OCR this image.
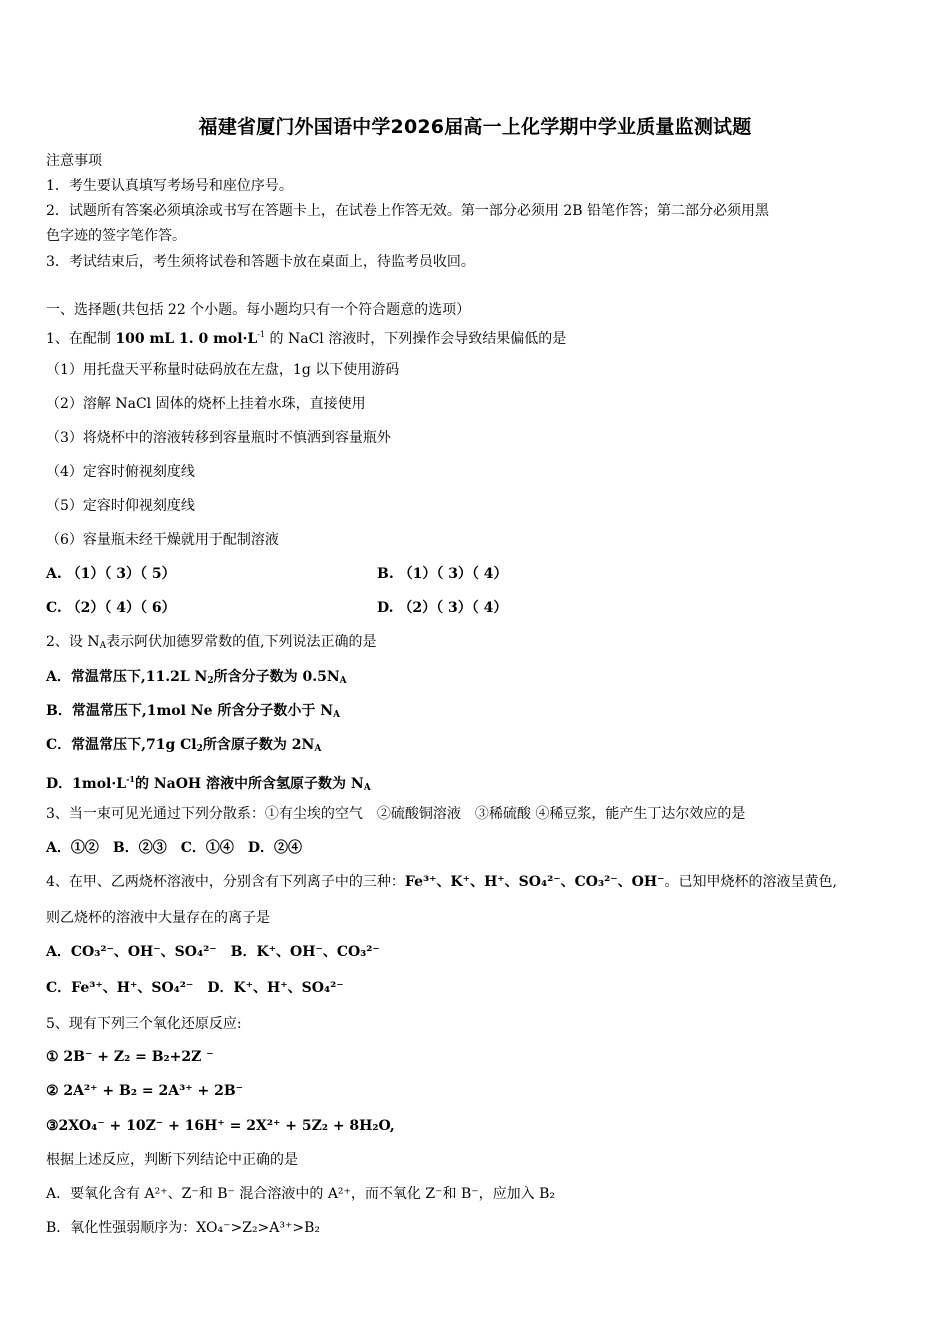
福建省厦门外国语中学2026届高一上化学期中学业质量监测试题
注意事项
1．考生要认真填写考场号和座位序号。
2．试题所有答案必须填涂或书写在答题卡上，在试卷上作答无效。第一部分必须用 2B 铅笔作答；第二部分必须用黑
色字迹的签字笔作答。
3．考试结束后，考生须将试卷和答题卡放在桌面上，待监考员收回。
一、选择题(共包括 22 个小题。每小题均只有一个符合题意的选项）
1、在配制 100 mL 1. 0 $mol\cdot L^{-1}$ 的 NaCl 溶液时，下列操作会导致结果偏低的是
（1）用托盘天平称量时砝码放在左盘，1g 以下使用游码
（2）溶解 NaCl 固体的烧杯上挂着水珠，直接使用
（3）将烧杯中的溶液转移到容量瓶时不慎洒到容量瓶外
（4）定容时俯视刻度线
（5）定容时仰视刻度线
（6）容量瓶未经干燥就用于配制溶液
A. （1）（ 3）（ 5）	B. （1）（ 3）（ 4）
C. （2）（ 4）（ 6）	D. （2）（ 3）（ 4）
2、设 $N_A$表示阿伏加德罗常数的值,下列说法正确的是
A．常温常压下,11.2L $N_2$所含分子数为 $0.5N_A$
B．常温常压下,1mol Ne 所含分子数小于 $N_A$
C．常温常压下,71g $Cl_2$所含原子数为 $2N_A$
D．$1mol\cdot L^{-1}$的 NaOH 溶液中所含氢原子数为 $N_A$
3、当一束可见光通过下列分散系：①有尘埃的空气　②硫酸铜溶液　③稀硫酸 ④稀豆浆，能产生丁达尔效应的是
A．①②　B．②③　C．①④　D．②④
4、在甲、乙两烧杯溶液中，分别含有下列离子中的三种：Fe³⁺、K⁺、H⁺、SO₄²⁻、CO₃²⁻、OH⁻。已知甲烧杯的溶液呈黄色,
则乙烧杯的溶液中大量存在的离子是
A．CO₃²⁻、OH⁻、SO₄²⁻　B．K⁺、OH⁻、CO₃²⁻
C．Fe³⁺、H⁺、SO₄²⁻　D．K⁺、H⁺、SO₄²⁻
5、现有下列三个氧化还原反应:
① 2B⁻ + Z₂ = B₂+2Z ⁻
② 2A²⁺ + B₂ = 2A³⁺ + 2B⁻
③2XO₄⁻ + 10Z⁻ + 16H⁺ = 2X²⁺ + 5Z₂ + 8H₂O,
根据上述反应，判断下列结论中正确的是
A．要氧化含有 A²⁺、Z⁻和 B⁻ 混合溶液中的 A²⁺，而不氧化 Z⁻和 B⁻，应加入 B₂
B．氧化性强弱顺序为：XO₄⁻>Z₂>A³⁺>B₂
